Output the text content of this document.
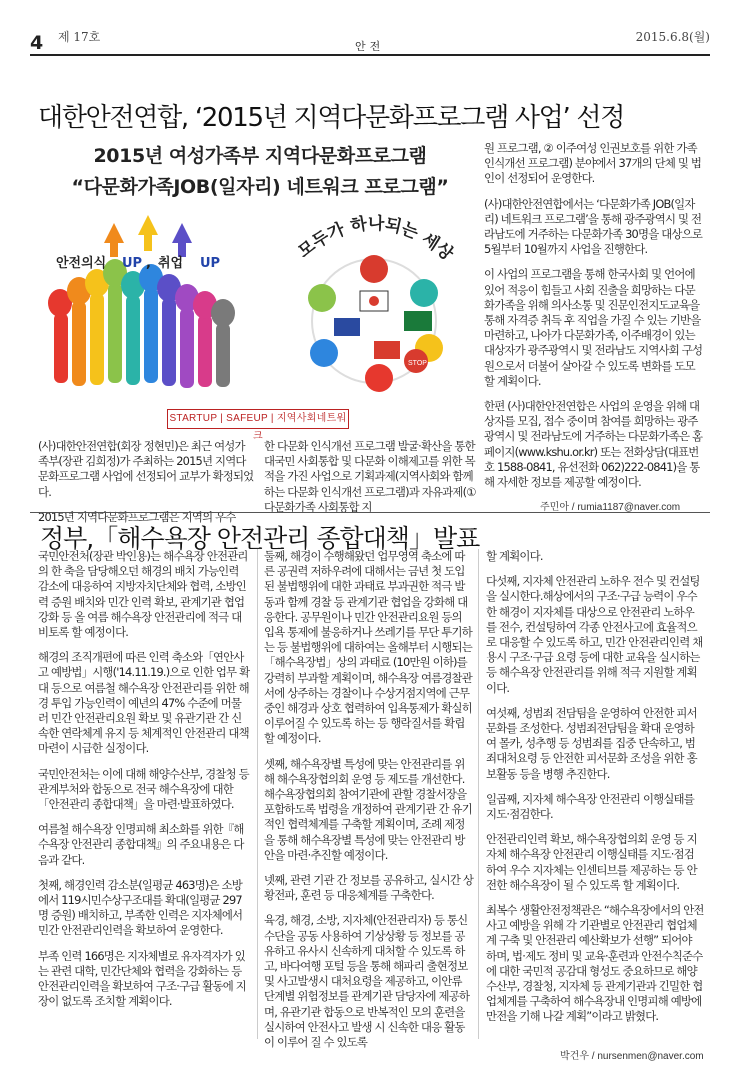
4 제 17호
안전
2015.6.8(월)
대한안전연합, ‘2015년 지역다문화프로그램 사업’ 선정
2015년 여성가족부 지역다문화프로그램
“다문화가족JOB(일자리) 네트워크 프로그램”
안전의식 UP , 취업 UP
STOP
모두가 하나되는 세상
STARTUP | SAFEUP | 지역사회네트워크

(사)대한안전연합(회장 정현민)은 최근 여성가족부(장관 김희정)가 주최하는 2015년 지역다문화프로그램 사업에 선정되어 교부가 확정되었다.

2015년 지역다문화프로그램은 지역의 우수

한 다문화 인식개선 프로그램 발굴·확산을 통한 대국민 사회통합 및 다문화 이해제고를 위한 목적을 가진 사업으로 기획과제(지역사회와 함께하는 다문화 인식개선 프로그램)과 자유과제(① 다문화가족 사회통합 지

원 프로그램, ② 이주여성 인권보호를 위한 가족 인식개선 프로그램) 분야에서 37개의 단체 및 법인이 선정되어 운영한다.

(사)대한안전연합에서는 ‘다문화가족 JOB(일자리) 네트워크 프로그램’을 통해 광주광역시 및 전라남도에 거주하는 다문화가족 30명을 대상으로 5월부터 10월까지 사업을 진행한다.

이 사업의 프로그램을 통해 한국사회 및 언어에 있어 적응이 힘들고 사회 진출을 희망하는 다문화가족을 위해 의사소통 및 진문인전지도교육을 통해 자격증 취득 후 직업을 가질 수 있는 기반을 마련하고, 나아가 다문화가족, 이주배경이 있는 대상자가 광주광역시 및 전라남도 지역사회 구성원으로서 더불어 살아갈 수 있도록 변화를 도모할 계획이다.

한편 (사)대한안전연합은 사업의 운영을 위해 대상자를 모집, 접수 중이며 참여를 희망하는 광주광역시 및 전라남도에 거주하는 다문화가족은 홈페이지(www.kshu.or.kr) 또는 전화상담(대표번호 1588-0841, 유선전화 062)222-0841)을 통해 자세한 정보를 제공할 예정이다.

주민아 / rumia1187@naver.com
정부,「해수욕장 안전관리 종합대책」발표

국민안전처(장관 박인용)는 해수욕장 안전관리의 한 축을 담당해오던 해경의 배치 가능인력 감소에 대응하여 지방자치단체와 협력, 소방인력 증원 배치와 민간 인력 확보, 관계기관 협업강화 등 올 여름 해수욕장 안전관리에 적극 대비토록 할 예정이다.

해경의 조직개편에 따른 인력 축소와「연안사고 예방법」시행('14.11.19.)으로 인한 업무 확대 등으로 여름철 해수욕장 안전관리를 위한 해경 투입 가능인력이 예년의 47% 수준에 머물러 민간 안전관리요원 확보 및 유관기관 간 신속한 연락체계 유지 등 체계적인 안전관리 대책마련이 시급한 실정이다.

국민안전처는 이에 대해 해양수산부, 경찰청 등 관계부처와 합동으로 전국 해수욕장에 대한「안전관리 종합대책」을 마련·발표하였다.

여름철 해수욕장 인명피해 최소화를 위한『해수욕장 안전관리 종합대책』의 주요내용은 다음과 같다.

첫째, 해경인력 감소분(일평균 463명)은 소방에서 119시민수상구조대를 확대(일평균 297명 증원) 배치하고, 부족한 인력은 지자체에서 민간 안전관리인력을 확보하여 운영한다.

부족 인력 166명은 지자체별로 유자격자가 있는 관련 대학, 민간단체와 협력을 강화하는 등 안전관리인력을 확보하여 구조·구급 활동에 지장이 없도록 조치할 계획이다.

둘째, 해경이 수행해왔던 업무영역 축소에 따른 공권력 저하우려에 대해서는 금년 첫 도입된 불법행위에 대한 과태료 부과권한 적극 발동과 함께 경찰 등 관계기관 협업을 강화해 대응한다. 공무원이나 민간 안전관리요원 등의 입욕 통제에 불응하거나 쓰레기를 무단 투기하는 등 불법행위에 대하여는 올해부터 시행되는「해수욕장법」상의 과태료 (10만원 이하)를 강력히 부과할 계획이며, 해수욕장 여름경찰관서에 상주하는 경찰이나 수상거점지역에 근무 중인 해경과 상호 협력하여 입욕통제가 확실히 이루어질 수 있도록 하는 등 행락질서를 확립할 예정이다.

셋째, 해수욕장별 특성에 맞는 안전관리를 위해 해수욕장협의회 운영 등 제도를 개선한다.해수욕장협의회 참여기관에 관할 경찰서장을 포함하도록 법령을 개정하여 관계기관 간 유기적인 협력체계를 구축할 계획이며, 조례 제정을 통해 해수욕장별 특성에 맞는 안전관리 방안을 마련·추진할 예정이다.

넷째, 관련 기관 간 정보를 공유하고, 실시간 상황전파, 훈련 등 대응체계를 구축한다.

육경, 해경, 소방, 지자체(안전관리자) 등 통신수단을 공동 사용하여 기상상황 등 정보를 공유하고 유사시 신속하게 대처할 수 있도록 하고, 바다여행 포털 등을 통해 해파리 출현정보 및 사고발생시 대처요령을 제공하고, 이안류 단계별 위험정보를 관계기관 담당자에 제공하며, 유관기관 합동으로 반복적인 모의 훈련을 실시하여 안전사고 발생 시 신속한 대응 활동이 이루어 질 수 있도록

할 계획이다.

다섯째, 지자체 안전관리 노하우 전수 및 컨설팅을 실시한다.해상에서의 구조·구급 능력이 우수한 해경이 지자체를 대상으로 안전관리 노하우를 전수, 컨설팅하여 각종 안전사고에 효율적으로 대응할 수 있도록 하고, 민간 안전관리인력 채용시 구조·구급 요령 등에 대한 교육을 실시하는 등 해수욕장 안전관리를 위해 적극 지원할 계획이다.

여섯째, 성범죄 전담팀을 운영하여 안전한 피서문화를 조성한다. 성범죄전담팀을 확대 운영하여 몰카, 성추행 등 성범죄를 집중 단속하고, 범죄대처요령 등 안전한 피서문화 조성을 위한 홍보활동 등을 병행 추진한다.

일곱째, 지자체 해수욕장 안전관리 이행실태를 지도·점검한다.

안전관리인력 확보, 해수욕장협의회 운영 등 지자체 해수욕장 안전관리 이행실태를 지도·점검하여 우수 지자체는 인센티브를 제공하는 등 안전한 해수욕장이 될 수 있도록 할 계획이다.

최복수 생활안전정책관은 “해수욕장에서의 안전사고 예방을 위해 각 기관별로 안전관리 협업체계 구축 및 안전관리 예산확보가 선행” 되어야 하며, 법·제도 정비 및 교육·훈련과 안전수칙준수에 대한 국민적 공감대 형성도 중요하므로 해양수산부, 경찰청, 지자체 등 관계기관과 긴밀한 협업체계를 구축하여 해수욕장내 인명피해 예방에 만전을 기해 나갈 계획”이라고 밝혔다.

박건우 / nursenmen@naver.com
